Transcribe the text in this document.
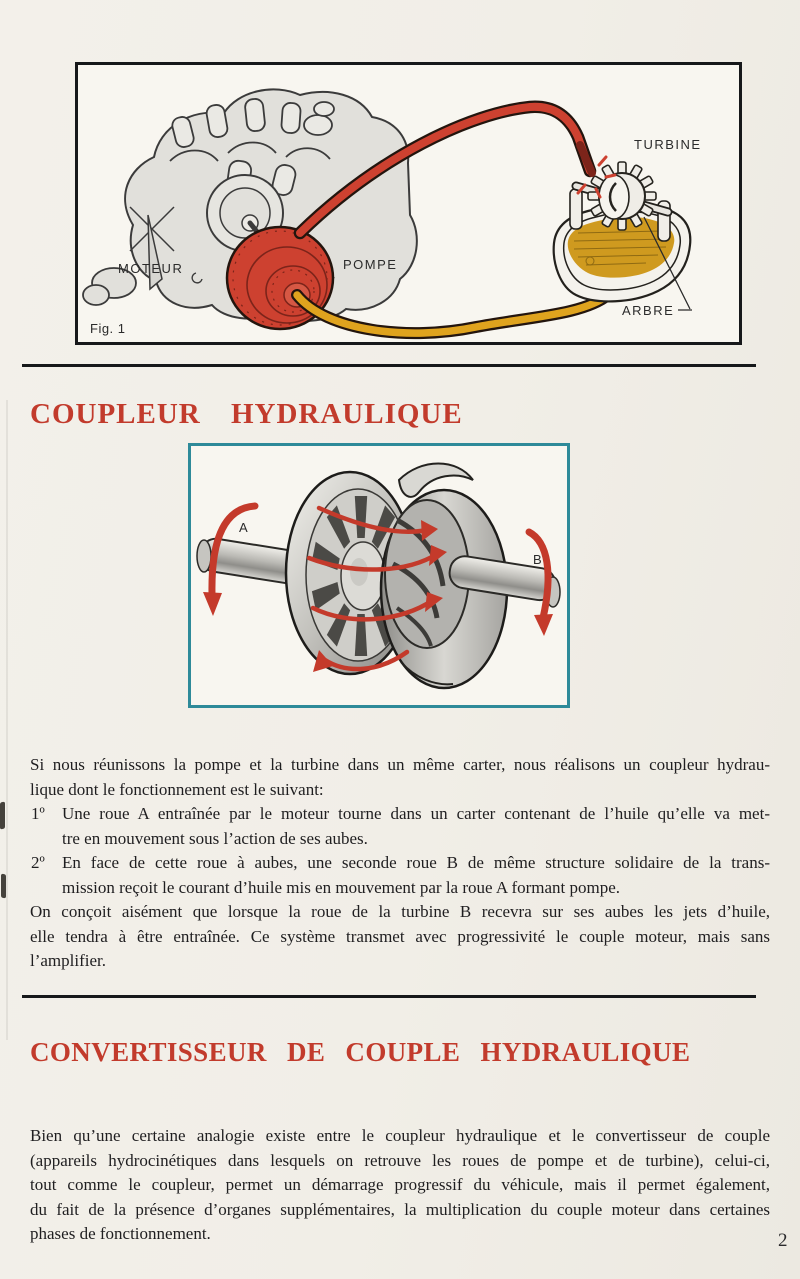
MOTEUR	POMPE
TURBINE
ARBRE
Fig. 1
COUPLEUR HYDRAULIQUE
A
B
Si nous réunissons la pompe et la turbine dans un même carter, nous réalisons un coupleur hydrau-
lique dont le fonctionnement est le suivant:
1º Une roue A entraînée par le moteur tourne dans un carter contenant de l’huile qu’elle va met-
tre en mouvement sous l’action de ses aubes.
2º En face de cette roue à aubes, une seconde roue B de même structure solidaire de la trans-
mission reçoit le courant d’huile mis en mouvement par la roue A formant pompe.
On conçoit aisément que lorsque la roue de la turbine B recevra sur ses aubes les jets d’huile,
elle tendra à être entraînée. Ce système transmet avec progressivité le couple moteur, mais sans
l’amplifier.
CONVERTISSEUR DE COUPLE HYDRAULIQUE
Bien qu’une certaine analogie existe entre le coupleur hydraulique et le convertisseur de couple
(appareils hydrocinétiques dans lesquels on retrouve les roues de pompe et de turbine), celui-ci,
tout comme le coupleur, permet un démarrage progressif du véhicule, mais il permet également,
du fait de la présence d’organes supplémentaires, la multiplication du couple moteur dans certaines
phases de fonctionnement.	2
